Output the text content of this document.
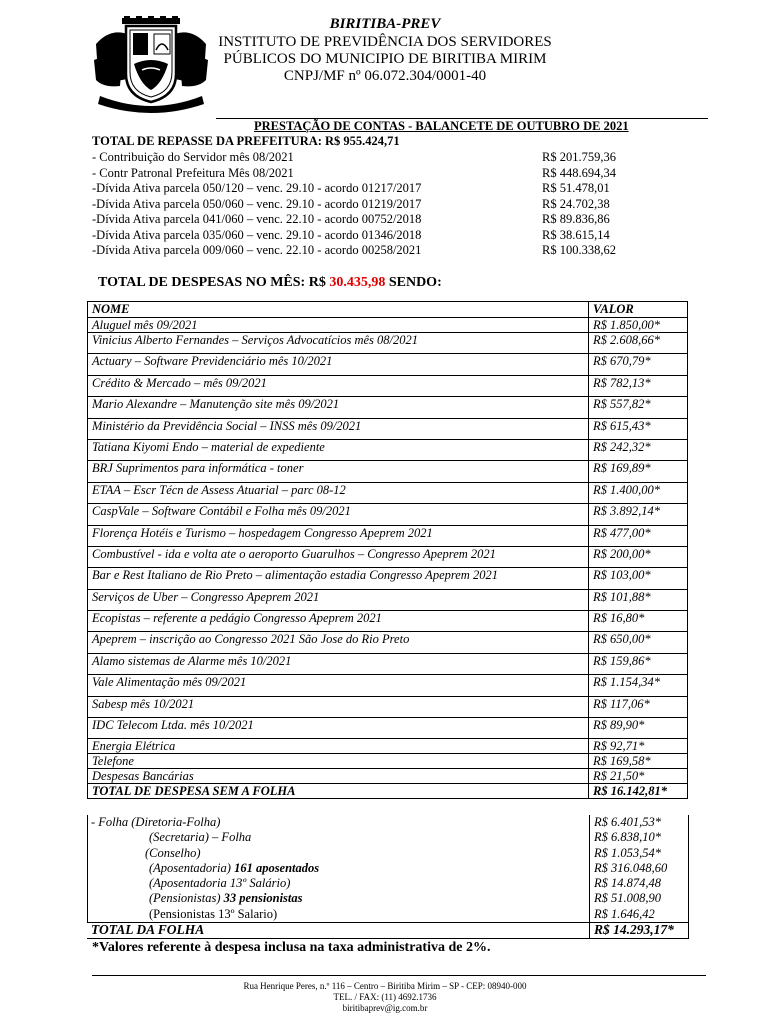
BIRITIBA-PREV
INSTITUTO DE PREVIDÊNCIA DOS SERVIDORES
PÚBLICOS DO MUNICIPIO DE BIRITIBA MIRIM
CNPJ/MF nº 06.072.304/0001-40
PRESTAÇÃO DE CONTAS - BALANCETE DE OUTUBRO DE 2021
TOTAL DE REPASSE DA PREFEITURA: R$ 955.424,71
- Contribuição do Servidor mês 08/2021	R$ 201.759,36
- Contr Patronal Prefeitura Mês 08/2021	R$ 448.694,34
-Dívida Ativa parcela 050/120 – venc. 29.10 - acordo 01217/2017	R$ 51.478,01
-Dívida Ativa parcela 050/060 – venc. 29.10 - acordo 01219/2017	R$ 24.702,38
-Dívida Ativa parcela 041/060 – venc. 22.10 - acordo 00752/2018	R$ 89.836,86
-Dívida Ativa parcela 035/060 – venc. 29.10 - acordo 01346/2018	R$ 38.615,14
-Dívida Ativa parcela 009/060 – venc. 22.10 - acordo 00258/2021	R$ 100.338,62
TOTAL DE DESPESAS NO MÊS: R$ 30.435,98 SENDO:
NOME	VALOR
Aluguel mês 09/2021	R$ 1.850,00*
Vinicius Alberto Fernandes – Serviços Advocatícios mês 08/2021	R$ 2.608,66*
Actuary – Software Previdenciário mês 10/2021	R$ 670,79*
Crédito & Mercado – mês 09/2021	R$ 782,13*
Mario Alexandre – Manutenção site mês 09/2021	R$ 557,82*
Ministério da Previdência Social – INSS mês 09/2021	R$ 615,43*
Tatiana Kiyomi Endo – material de expediente	R$ 242,32*
BRJ Suprimentos para informática - toner	R$ 169,89*
ETAA – Escr Técn de Assess Atuarial – parc 08-12	R$ 1.400,00*
CaspVale – Software Contábil e Folha mês 09/2021	R$ 3.892,14*
Florença Hotéis e Turismo – hospedagem Congresso Apeprem 2021	R$ 477,00*
Combustível - ida e volta ate o aeroporto Guarulhos – Congresso Apeprem 2021	R$ 200,00*
Bar e Rest Italiano de Rio Preto – alimentação estadia Congresso Apeprem 2021	R$ 103,00*
Serviços de Uber – Congresso Apeprem 2021	R$ 101,88*
Ecopistas – referente a pedágio Congresso Apeprem 2021	R$ 16,80*
Apeprem – inscrição ao Congresso 2021 São Jose do Rio Preto	R$ 650,00*
Alamo sistemas de Alarme mês 10/2021	R$ 159,86*
Vale Alimentação mês 09/2021	R$ 1.154,34*
Sabesp mês 10/2021	R$ 117,06*
IDC Telecom Ltda. mês 10/2021	R$ 89,90*
Energia Elétrica	R$ 92,71*
Telefone	R$ 169,58*
Despesas Bancárias	R$ 21,50*
TOTAL DE DESPESA SEM A FOLHA	R$ 16.142,81*
- Folha (Diretoria-Folha)	R$ 6.401,53*
(Secretaria) – Folha	R$ 6.838,10*
(Conselho)	R$ 1.053,54*
(Aposentadoria) 161 aposentados	R$ 316.048,60
(Aposentadoria 13º Salário)	R$ 14.874,48
(Pensionistas) 33 pensionistas	R$ 51.008,90
(Pensionistas 13º Salario)	R$ 1.646,42
TOTAL DA FOLHA	R$ 14.293,17*
*Valores referente à despesa inclusa na taxa administrativa de 2%.
Rua Henrique Peres, n.º 116 – Centro – Biritiba Mirim – SP - CEP: 08940-000
TEL. / FAX: (11) 4692.1736
biritibaprev@ig.com.br
